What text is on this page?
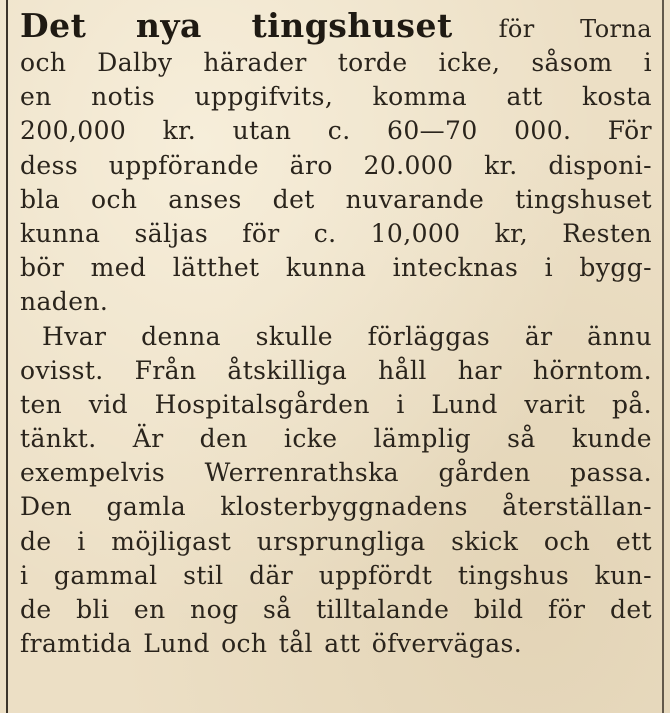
Det nya tingshuset för Torna
och Dalby härader torde icke, såsom i
en notis uppgifvits, komma att kosta
200,000 kr. utan c. 60—70 000. För
dess uppförande äro 20.000 kr. disponi-
bla och anses det nuvarande tingshuset
kunna säljas för c. 10,000 kr, Resten
bör med lätthet kunna intecknas i bygg-
naden.
Hvar denna skulle förläggas är ännu
ovisst. Från åtskilliga håll har hörntom.
ten vid Hospitalsgården i Lund varit på.
tänkt. Är den icke lämplig så kunde
exempelvis Werrenrathska gården passa.
Den gamla klosterbyggnadens återställan-
de i möjligast ursprungliga skick och ett
i gammal stil där uppfördt tingshus kun-
de bli en nog så tilltalande bild för det
framtida Lund och tål att öfvervägas.
